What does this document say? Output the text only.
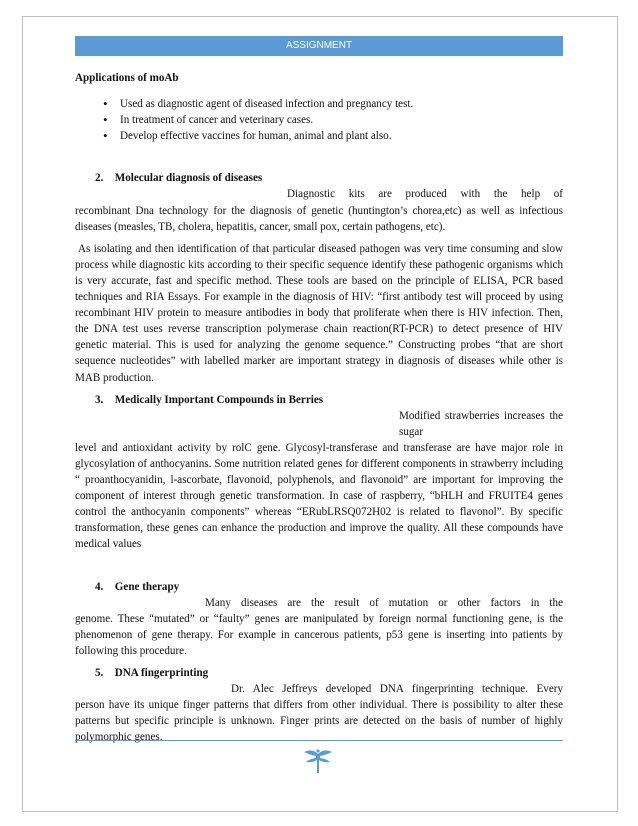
ASSIGNMENT

Applications of moAb

• Used as diagnostic agent of diseased infection and pregnancy test.
• In treatment of cancer and veterinary cases.
• Develop effective vaccines for human, animal and plant also.

2. Molecular diagnosis of diseases

Diagnostic kits are produced with the help of

recombinant Dna technology for the diagnosis of genetic (huntington’s chorea,etc) as well as infectious diseases (measles, TB, cholera, hepatitis, cancer, small pox, certain pathogens, etc).

As isolating and then identification of that particular diseased pathogen was very time consuming and slow process while diagnostic kits according to their specific sequence identify these pathogenic organisms which is very accurate, fast and specific method. These tools are based on the principle of ELISA, PCR based techniques and RIA Essays. For example in the diagnosis of HIV: “first antibody test will proceed by using recombinant HIV protein to measure antibodies in body that proliferate when there is HIV infection. Then, the DNA test uses reverse transcription polymerase chain reaction(RT-PCR) to detect presence of HIV genetic material. This is used for analyzing the genome sequence.” Constructing probes “that are short sequence nucleotides” with labelled marker are important strategy in diagnosis of diseases while other is MAB production.

3. Medically Important Compounds in Berries

Modified strawberries increases the sugar

level and antioxidant activity by rolC gene. Glycosyl-transferase and transferase are have major role in glycosylation of anthocyanins. Some nutrition related genes for different components in strawberry including “ proanthocyanidin, l-ascorbate, flavonoid, polyphenols, and flavonoid” are important for improving the component of interest through genetic transformation. In case of raspberry, “bHLH and FRUITE4 genes control the anthocyanin components” whereas “ERubLRSQ072H02 is related to flavonol”. By specific transformation, these genes can enhance the production and improve the quality. All these compounds have medical values

4. Gene therapy

Many diseases are the result of mutation or other factors in the

genome. These “mutated” or “faulty” genes are manipulated by foreign normal functioning gene, is the phenomenon of gene therapy. For example in cancerous patients, p53 gene is inserting into patients by following this procedure.

5. DNA fingerprinting

Dr. Alec Jeffreys developed DNA fingerprinting technique. Every

person have its unique finger patterns that differs from other individual. There is possibility to alter these patterns but specific principle is unknown. Finger prints are detected on the basis of number of highly polymorphic genes.
